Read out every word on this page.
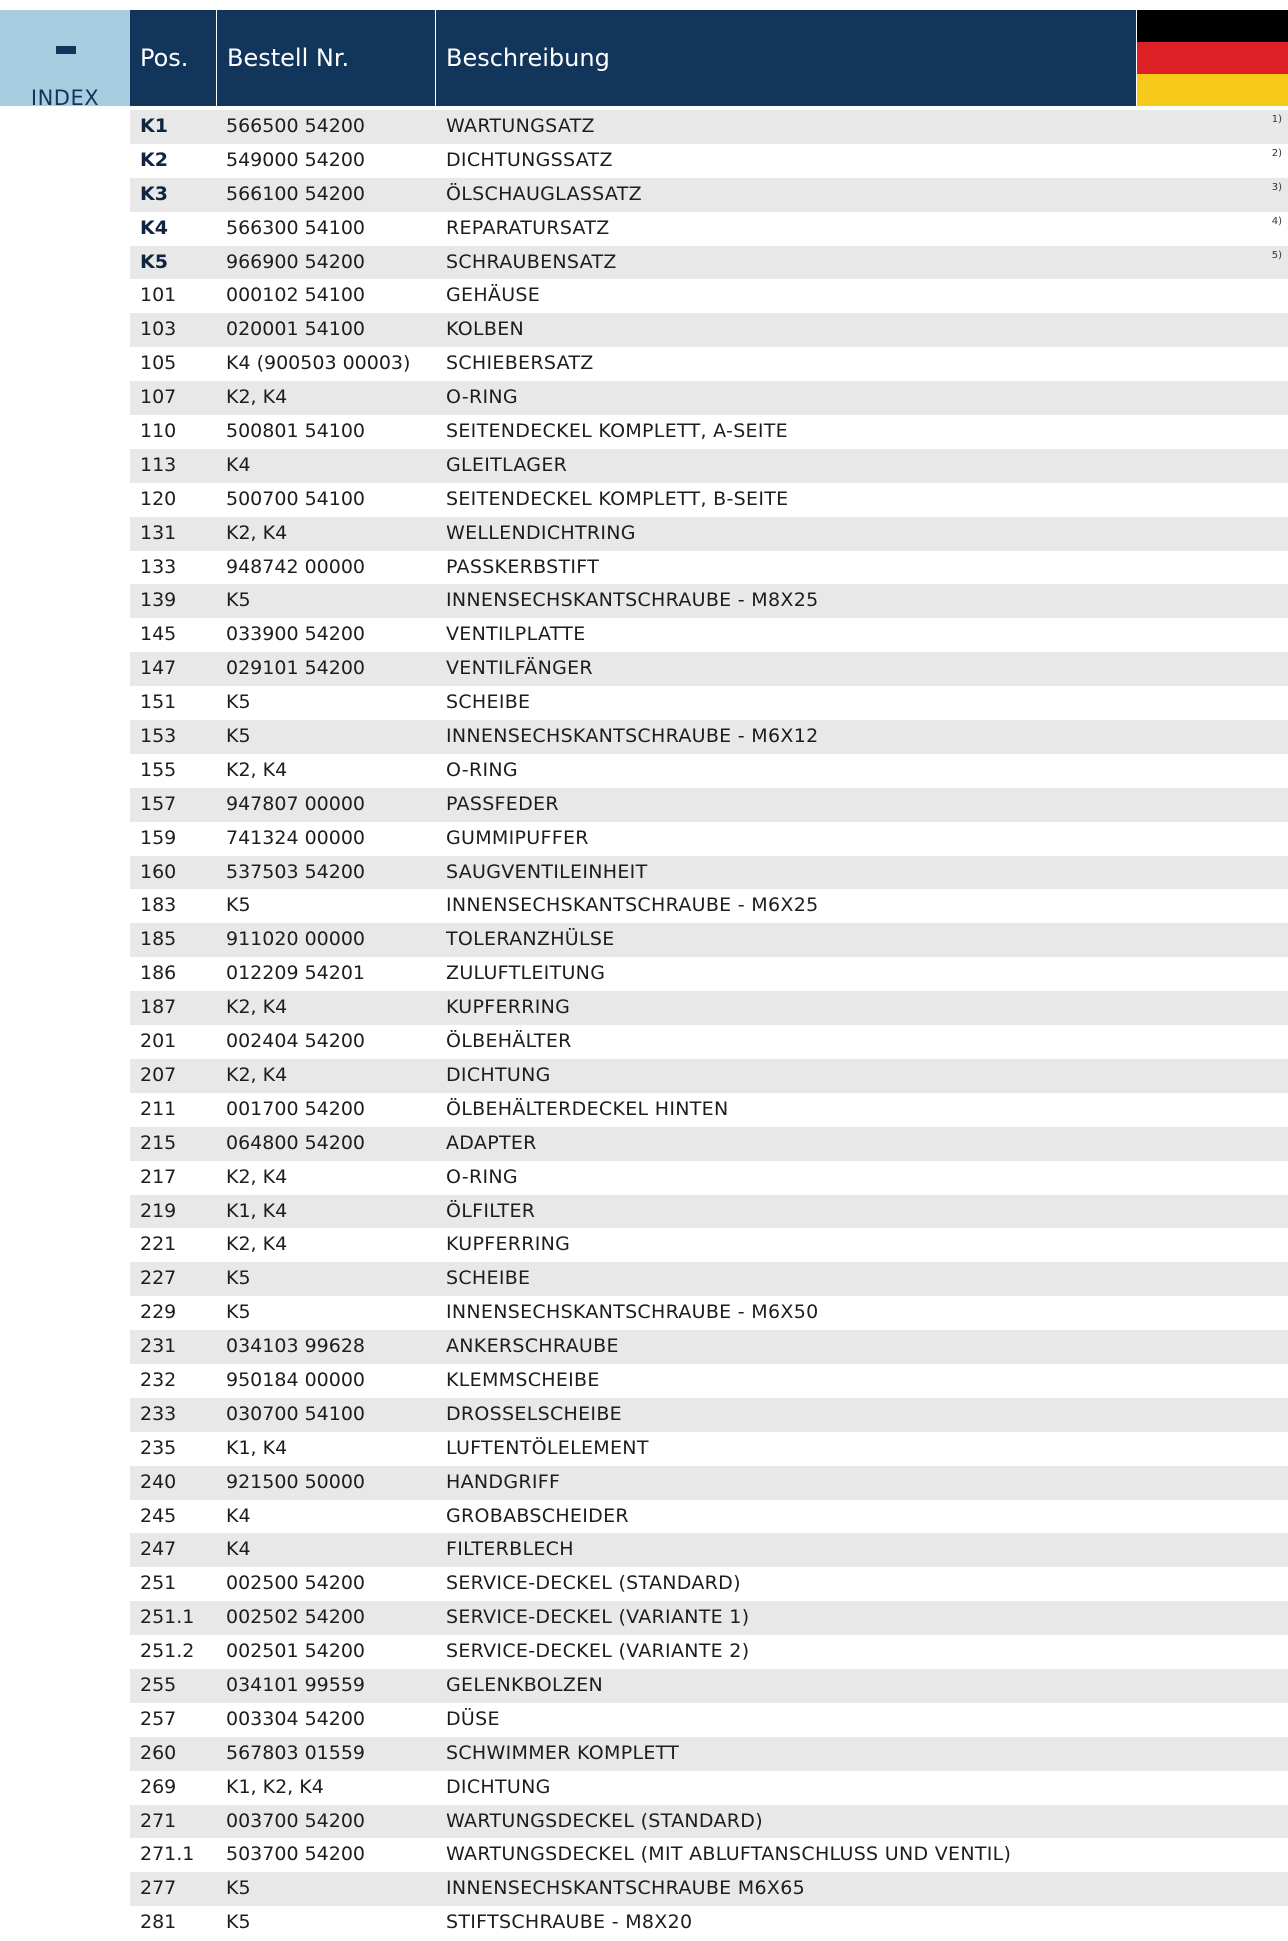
INDEX
Pos.	Bestell Nr.	Beschreibung
K1	566500 54200	WARTUNGSATZ	1)
K2	549000 54200	DICHTUNGSSATZ	2)
K3	566100 54200	ÖLSCHAUGLASSATZ	3)
K4	566300 54100	REPARATURSATZ	4)
K5	966900 54200	SCHRAUBENSATZ	5)
101	000102 54100	GEHÄUSE
103	020001 54100	KOLBEN
105	K4 (900503 00003) SCHIEBERSATZ
107	K2, K4	O-RING
110	500801 54100	SEITENDECKEL KOMPLETT, A-SEITE
113	K4	GLEITLAGER
120	500700 54100	SEITENDECKEL KOMPLETT, B-SEITE
131	K2, K4	WELLENDICHTRING
133	948742 00000	PASSKERBSTIFT
139	K5	INNENSECHSKANTSCHRAUBE - M8X25
145	033900 54200	VENTILPLATTE
147	029101 54200	VENTILFÄNGER
151	K5	SCHEIBE
153	K5	INNENSECHSKANTSCHRAUBE - M6X12
155	K2, K4	O-RING
157	947807 00000	PASSFEDER
159	741324 00000	GUMMIPUFFER
160	537503 54200	SAUGVENTILEINHEIT
183	K5	INNENSECHSKANTSCHRAUBE - M6X25
185	911020 00000	TOLERANZHÜLSE
186	012209 54201	ZULUFTLEITUNG
187	K2, K4	KUPFERRING
201	002404 54200	ÖLBEHÄLTER
207	K2, K4	DICHTUNG
211	001700 54200	ÖLBEHÄLTERDECKEL HINTEN
215	064800 54200	ADAPTER
217	K2, K4	O-RING
219	K1, K4	ÖLFILTER
221	K2, K4	KUPFERRING
227	K5	SCHEIBE
229	K5	INNENSECHSKANTSCHRAUBE - M6X50
231	034103 99628	ANKERSCHRAUBE
232	950184 00000	KLEMMSCHEIBE
233	030700 54100	DROSSELSCHEIBE
235	K1, K4	LUFTENTÖLELEMENT
240	921500 50000	HANDGRIFF
245	K4	GROBABSCHEIDER
247	K4	FILTERBLECH
251	002500 54200	SERVICE-DECKEL (STANDARD)
251.1 002502 54200	SERVICE-DECKEL (VARIANTE 1)
251.2 002501 54200	SERVICE-DECKEL (VARIANTE 2)
255	034101 99559	GELENKBOLZEN
257	003304 54200	DÜSE
260	567803 01559	SCHWIMMER KOMPLETT
269	K1, K2, K4	DICHTUNG
271	003700 54200	WARTUNGSDECKEL (STANDARD)
271.1 503700 54200	WARTUNGSDECKEL (MIT ABLUFTANSCHLUSS UND VENTIL)
277	K5	INNENSECHSKANTSCHRAUBE M6X65
281	K5	STIFTSCHRAUBE - M8X20
